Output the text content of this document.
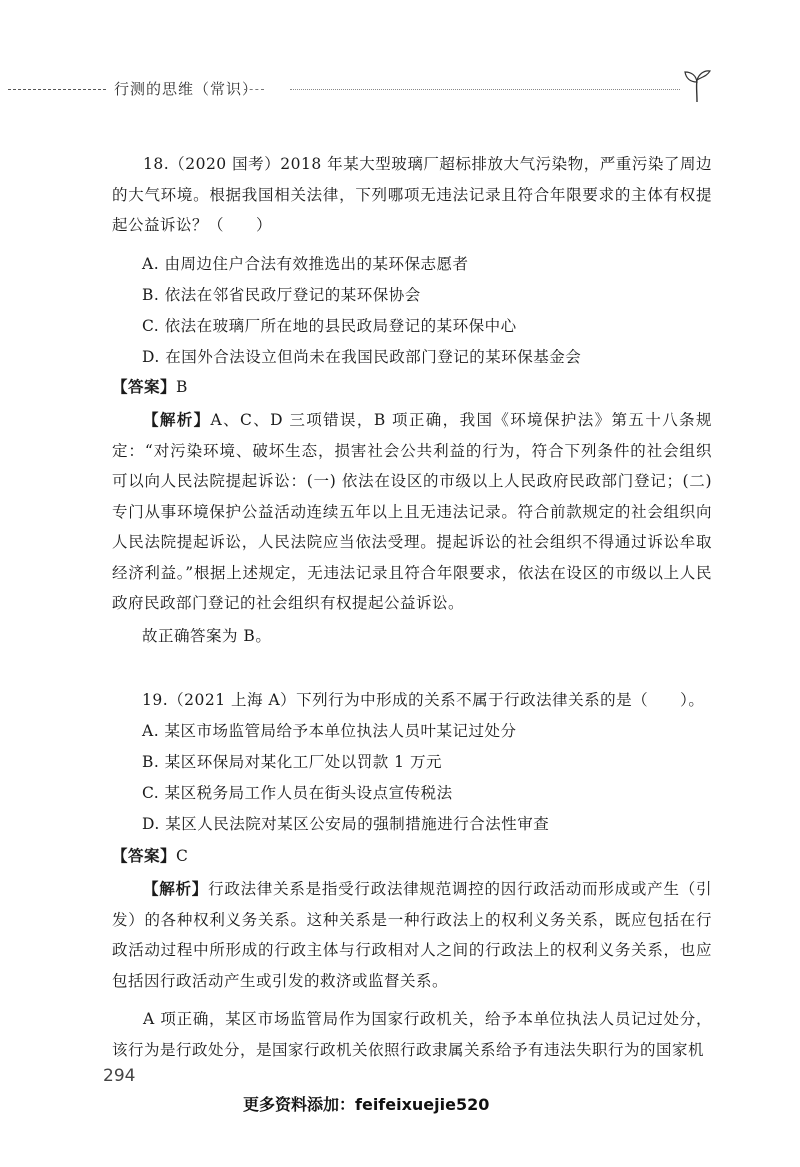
行测的思维（常识）

18.（2020 国考）2018 年某大型玻璃厂超标排放大气污染物，严重污染了周边的大气环境。根据我国相关法律，下列哪项无违法记录且符合年限要求的主体有权提起公益诉讼？（　　）

A. 由周边住户合法有效推选出的某环保志愿者
B. 依法在邻省民政厅登记的某环保协会
C. 依法在玻璃厂所在地的县民政局登记的某环保中心
D. 在国外合法设立但尚未在我国民政部门登记的某环保基金会
【答案】B

【解析】A、C、D 三项错误，B 项正确，我国《环境保护法》第五十八条规定：“对污染环境、破坏生态，损害社会公共利益的行为，符合下列条件的社会组织可以向人民法院提起诉讼：(一) 依法在设区的市级以上人民政府民政部门登记；(二) 专门从事环境保护公益活动连续五年以上且无违法记录。符合前款规定的社会组织向人民法院提起诉讼，人民法院应当依法受理。提起诉讼的社会组织不得通过诉讼牟取经济利益。”根据上述规定，无违法记录且符合年限要求，依法在设区的市级以上人民政府民政部门登记的社会组织有权提起公益诉讼。

故正确答案为 B。
19.（2021 上海 A）下列行为中形成的关系不属于行政法律关系的是（　　）。
A. 某区市场监管局给予本单位执法人员叶某记过处分
B. 某区环保局对某化工厂处以罚款 1 万元
C. 某区税务局工作人员在街头设点宣传税法
D. 某区人民法院对某区公安局的强制措施进行合法性审查
【答案】C

【解析】行政法律关系是指受行政法律规范调控的因行政活动而形成或产生（引发）的各种权利义务关系。这种关系是一种行政法上的权利义务关系，既应包括在行政活动过程中所形成的行政主体与行政相对人之间的行政法上的权利义务关系，也应包括因行政活动产生或引发的救济或监督关系。

A 项正确，某区市场监管局作为国家行政机关，给予本单位执法人员记过处分，该行为是行政处分，是国家行政机关依照行政隶属关系给予有违法失职行为的国家机

294
更多资料添加：feifeixuejie520
